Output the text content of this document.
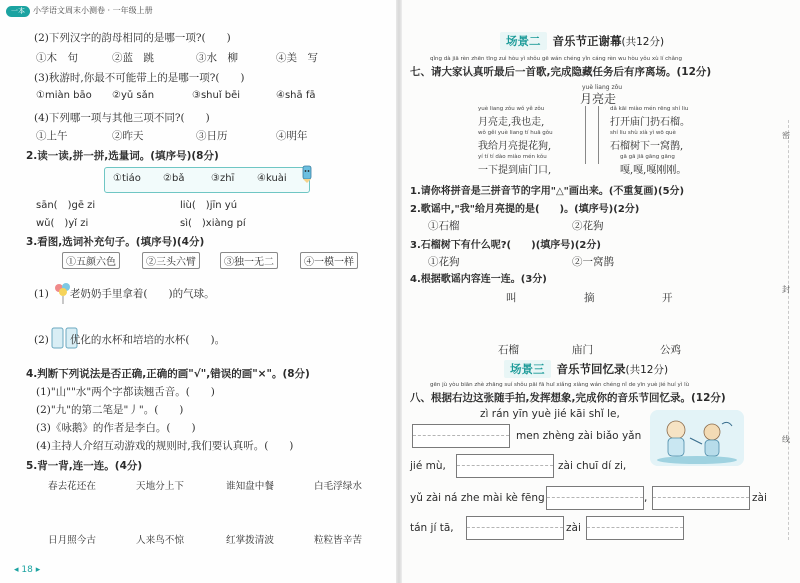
一本	小学语文周末小测卷 · 一年级上册
(2)下列汉字的韵母相同的是哪一项?(　　)
①木　句	②蓝　跳	③水　柳	④美　写
(3)秋游时,你最不可能带上的是哪一项?(　　)
①miàn bāo ②yǔ sǎn	③shuǐ bēi	④shā fā
(4)下列哪一项与其他三项不同?(　　)
①上午	②昨天	③日历	④明年
2.读一读,拼一拼,选量词。(填序号)(8分)
①tiáo ②bǎ	③zhī ④kuài
sān(　)gē zi	liù(　)jīn yú
wǔ(　)yǐ zi	sì(　)xiàng pí
3.看图,选词补充句子。(填序号)(4分)
①五颜六色	②三头六臂	③独一无二	④一模一样
(1)　　老奶奶手里拿着(　　)的气球。
(2)　　优化的水杯和培培的水杯(　　)。
4.判断下列说法是否正确,正确的画"√",错误的画"×"。(8分)
(1)"山""水"两个字都读翘舌音。(　　)
(2)"九"的第二笔是"丿"。(　　)
(3)《咏鹅》的作者是李白。(　　)
(4)主持人介绍互动游戏的规则时,我们要认真听。(　　)
5.背一背,连一连。(4分)
春去花还在	天地分上下	谁知盘中餐	白毛浮绿水
日月照今古	人来鸟不惊	红掌拨清波	粒粒皆辛苦
◂ 18 ▸
场景二 音乐节正谢幕(共12分)
qǐng dà jiā rèn zhēn tīng zuì hòu yì shǒu gē wán chéng yǐn cáng rèn wu hòu yǒu xù lí chǎng
七、请大家认真听最后一首歌,完成隐藏任务后有序离场。(12分)
yuè liang zǒu
月亮走
yuè liang zǒu wǒ yě zǒu
月亮走,我也走,
dǎ kāi miào mén rēng shí liu
打开庙门扔石榴。
wǒ gěi yuè liang tí huā gǒu
我给月亮提花狗,
shí liu shù xià yì wō què
石榴树下一窝鹊,
yí tí tí dào miào mén kǒu
一下提到庙门口,
gā gā jiā gāng gāng
嘎,嘎,嘎刚刚。
1.请你将拼音是三拼音节的字用"△"画出来。(不重复画)(5分)
2.歌谣中,"我"给月亮提的是(　　)。(填序号)(2分)
①石榴	②花狗
3.石榴树下有什么呢?(　　)(填序号)(2分)
①花狗	②一窝鹊
4.根据歌谣内容连一连。(3分)
叫	摘	开
石榴	庙门	公鸡
场景三 音乐节回忆录(共12分)
gēn jù yòu biān zhè zhāng suí shǒu pāi fā huī xiǎng xiàng wán chéng nǐ de yīn yuè jié huí yì lù
八、根据右边这张随手拍,发挥想象,完成你的音乐节回忆录。(12分)
zì rán yīn yuè jié kāi shǐ le,
men zhèng zài biǎo yǎn
jié mù,	zài chuī dí zi,
yǔ zài ná zhe mài kè fēng	,	zài
tán jí tā,	zài
密
封
线
